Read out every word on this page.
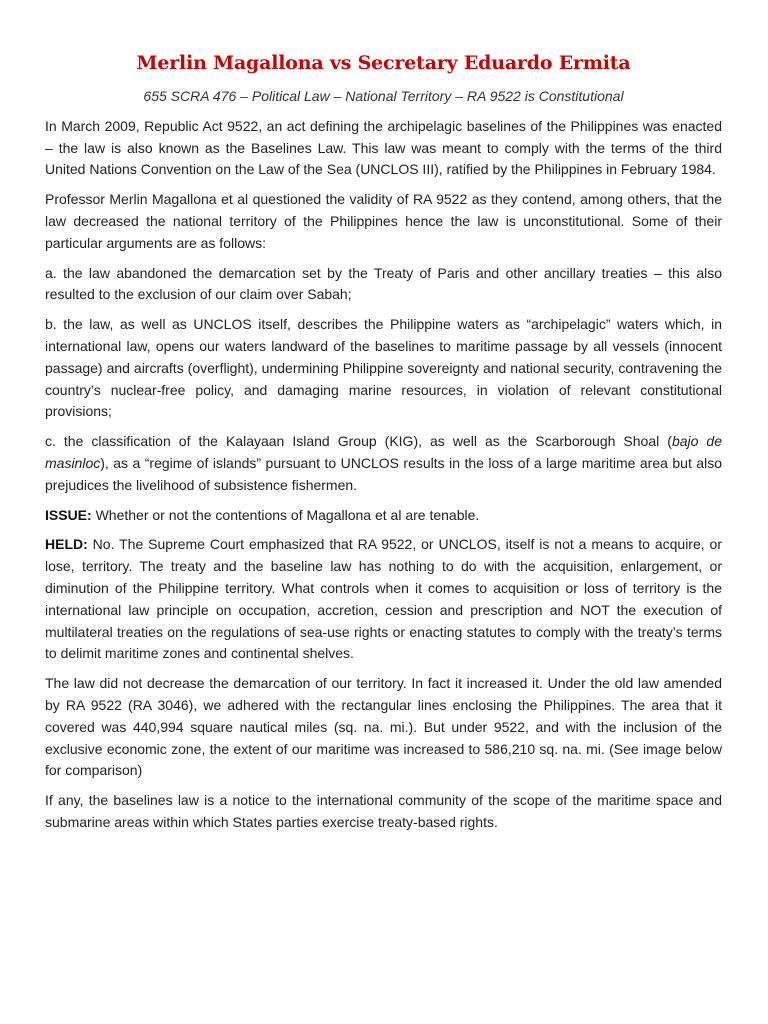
Merlin Magallona vs Secretary Eduardo Ermita
655 SCRA 476 – Political Law – National Territory – RA 9522 is Constitutional

In March 2009, Republic Act 9522, an act defining the archipelagic baselines of the Philippines was enacted – the law is also known as the Baselines Law. This law was meant to comply with the terms of the third United Nations Convention on the Law of the Sea (UNCLOS III), ratified by the Philippines in February 1984.

Professor Merlin Magallona et al questioned the validity of RA 9522 as they contend, among others, that the law decreased the national territory of the Philippines hence the law is unconstitutional. Some of their particular arguments are as follows:

a. the law abandoned the demarcation set by the Treaty of Paris and other ancillary treaties – this also resulted to the exclusion of our claim over Sabah;

b. the law, as well as UNCLOS itself, describes the Philippine waters as “archipelagic” waters which, in international law, opens our waters landward of the baselines to maritime passage by all vessels (innocent passage) and aircrafts (overflight), undermining Philippine sovereignty and national security, contravening the country’s nuclear-free policy, and damaging marine resources, in violation of relevant constitutional provisions;

c. the classification of the Kalayaan Island Group (KIG), as well as the Scarborough Shoal (bajo de masinloc), as a “regime of islands” pursuant to UNCLOS results in the loss of a large maritime area but also prejudices the livelihood of subsistence fishermen.

ISSUE: Whether or not the contentions of Magallona et al are tenable.

HELD: No. The Supreme Court emphasized that RA 9522, or UNCLOS, itself is not a means to acquire, or lose, territory. The treaty and the baseline law has nothing to do with the acquisition, enlargement, or diminution of the Philippine territory. What controls when it comes to acquisition or loss of territory is the international law principle on occupation, accretion, cession and prescription and NOT the execution of multilateral treaties on the regulations of sea-use rights or enacting statutes to comply with the treaty’s terms to delimit maritime zones and continental shelves.

The law did not decrease the demarcation of our territory. In fact it increased it. Under the old law amended by RA 9522 (RA 3046), we adhered with the rectangular lines enclosing the Philippines. The area that it covered was 440,994 square nautical miles (sq. na. mi.). But under 9522, and with the inclusion of the exclusive economic zone, the extent of our maritime was increased to 586,210 sq. na. mi. (See image below for comparison)

If any, the baselines law is a notice to the international community of the scope of the maritime space and submarine areas within which States parties exercise treaty-based rights.
